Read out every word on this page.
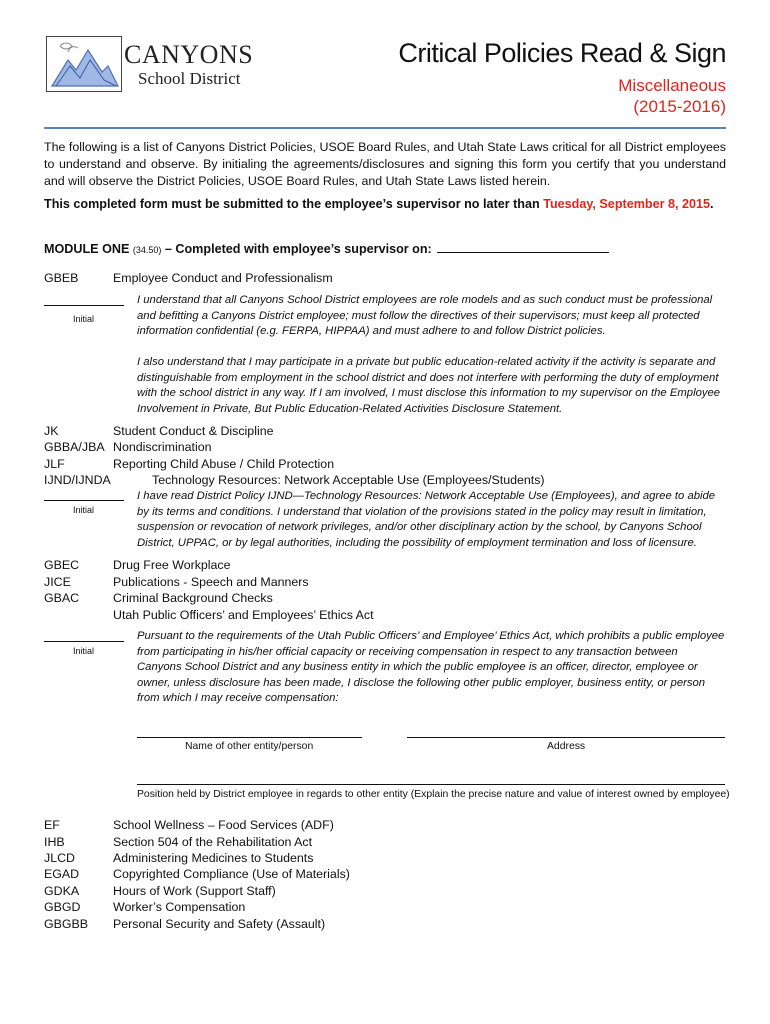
CANYONS
School District
Critical Policies Read & Sign
Miscellaneous
(2015-2016)
The following is a list of Canyons District Policies, USOE Board Rules, and Utah State Laws critical for all District employees to understand and observe. By initialing the agreements/disclosures and signing this form you certify that you understand and will observe the District Policies, USOE Board Rules, and Utah State Laws listed herein.
This completed form must be submitted to the employee’s supervisor no later than Tuesday, September 8, 2015.
MODULE ONE (34.50) – Completed with employee’s supervisor on:
GBEB	Employee Conduct and Professionalism
Initial
I understand that all Canyons School District employees are role models and as such conduct must be professional and befitting a Canyons District employee; must follow the directives of their supervisors; must keep all protected information confidential (e.g. FERPA, HIPPAA) and must adhere to and follow District policies.
I also understand that I may participate in a private but public education-related activity if the activity is separate and distinguishable from employment in the school district and does not interfere with performing the duty of employment with the school district in any way. If I am involved, I must disclose this information to my supervisor on the Employee Involvement in Private, But Public Education-Related Activities Disclosure Statement.
JK	Student Conduct & Discipline
GBBA/JBA Nondiscrimination
JLF	Reporting Child Abuse / Child Protection
IJND/IJNDA	Technology Resources: Network Acceptable Use (Employees/Students)
Initial
I have read District Policy IJND—Technology Resources: Network Acceptable Use (Employees), and agree to abide by its terms and conditions. I understand that violation of the provisions stated in the policy may result in limitation, suspension or revocation of network privileges, and/or other disciplinary action by the school, by Canyons School District, UPPAC, or by legal authorities, including the possibility of employment termination and loss of licensure.
GBEC	Drug Free Workplace
JICE	Publications - Speech and Manners
GBAC	Criminal Background Checks
Utah Public Officers’ and Employees’ Ethics Act
Initial
Pursuant to the requirements of the Utah Public Officers’ and Employee’ Ethics Act, which prohibits a public employee from participating in his/her official capacity or receiving compensation in respect to any transaction between Canyons School District and any business entity in which the public employee is an officer, director, employee or owner, unless disclosure has been made, I disclose the following other public employer, business entity, or person from which I may receive compensation:
Name of other entity/person	Address
Position held by District employee in regards to other entity (Explain the precise nature and value of interest owned by employee)
EF	School Wellness – Food Services (ADF)
IHB	Section 504 of the Rehabilitation Act
JLCD	Administering Medicines to Students
EGAD	Copyrighted Compliance (Use of Materials)
GDKA	Hours of Work (Support Staff)
GBGD	Worker’s Compensation
GBGBB Personal Security and Safety (Assault)
